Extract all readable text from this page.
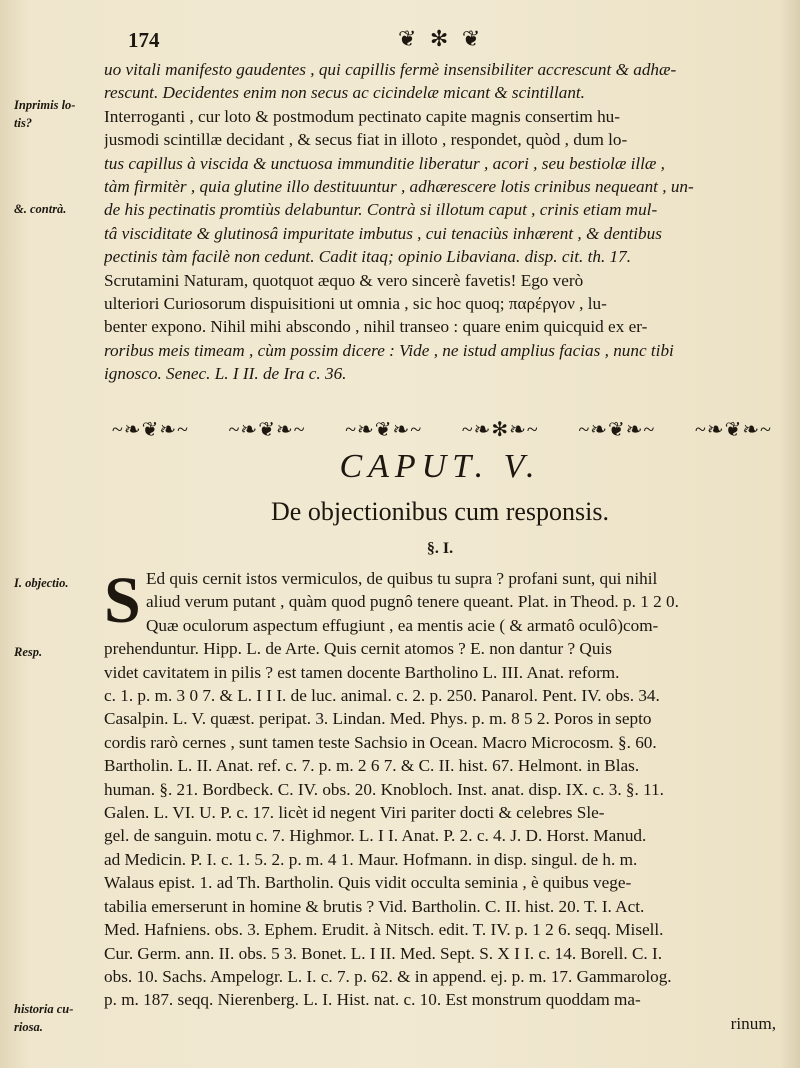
174	❦ ✻ ❦
Inprimis lo- tis?
&. contrà.
I. objectio.
Resp.
historia cu- riosa.
uo vitali manifesto gaudentes , qui capillis fermè insensibiliter accrescunt & adhæ-
rescunt. Decidentes enim non secus ac cicindelæ micant & scintillant.
Interroganti , cur loto & postmodum pectinato capite magnis consertim hu-
jusmodi scintillæ decidant , & secus fiat in illoto , respondet, quòd , dum lo-
tus capillus à viscida & unctuosa immunditie liberatur , acori , seu bestiolæ illæ ,
tàm firmitèr , quia glutine illo destituuntur , adhærescere lotis crinibus nequeant , un-
de his pectinatis promtiùs delabuntur. Contrà si illotum caput , crinis etiam mul-
tâ visciditate & glutinosâ impuritate imbutus , cui tenaciùs inhærent , & dentibus
pectinis tàm facilè non cedunt. Cadit itaq; opinio Libaviana. disp. cit. th. 17.
Scrutamini Naturam, quotquot æquo & vero sincerè favetis! Ego verò
ulteriori Curiosorum dispuisitioni ut omnia , sic hoc quoq; παρέργον , lu-
benter expono. Nihil mihi abscondo , nihil transeo : quare enim quicquid ex er-
roribus meis timeam , cùm possim dicere : Vide , ne istud amplius facias , nunc tibi
ignosco. Senec. L. I II. de Ira c. 36.
~❧❦❧~ ~❧❦❧~ ~❧❦❧~ ~❧✻❧~ ~❧❦❧~ ~❧❦❧~
CAPUT. V.
De objectionibus cum responsis.
§. I.
S Ed quis cernit istos vermiculos, de quibus tu supra ? profani sunt, qui nihil
aliud verum putant , quàm quod pugnô tenere queant. Plat. in Theod. p. 1 2 0.
Quæ oculorum aspectum effugiunt , ea mentis acie ( & armatô oculô)com-
prehenduntur. Hipp. L. de Arte. Quis cernit atomos ? E. non dantur ? Quis
videt cavitatem in pilis ? est tamen docente Bartholino L. III. Anat. reform.
c. 1. p. m. 3 0 7. & L. I I I. de luc. animal. c. 2. p. 250. Panarol. Pent. IV. obs. 34.
Casalpin. L. V. quæst. peripat. 3. Lindan. Med. Phys. p. m. 8 5 2. Poros in septo
cordis rarò cernes , sunt tamen teste Sachsio in Ocean. Macro Microcosm. §. 60.
Bartholin. L. II. Anat. ref. c. 7. p. m. 2 6 7. & C. II. hist. 67. Helmont. in Blas.
human. §. 21. Bordbeck. C. IV. obs. 20. Knobloch. Inst. anat. disp. IX. c. 3. §. 11.
Galen. L. VI. U. P. c. 17. licèt id negent Viri pariter docti & celebres Sle-
gel. de sanguin. motu c. 7. Highmor. L. I I. Anat. P. 2. c. 4. J. D. Horst. Manud.
ad Medicin. P. I. c. 1. 5. 2. p. m. 4 1. Maur. Hofmann. in disp. singul. de h. m.
Walaus epist. 1. ad Th. Bartholin. Quis vidit occulta seminia , è quibus vege-
tabilia emerserunt in homine & brutis ? Vid. Bartholin. C. II. hist. 20. T. I. Act.
Med. Hafniens. obs. 3. Ephem. Erudit. à Nitsch. edit. T. IV. p. 1 2 6. seqq. Misell.
Cur. Germ. ann. II. obs. 5 3. Bonet. L. I II. Med. Sept. S. X I I. c. 14. Borell. C. I.
obs. 10. Sachs. Ampelogr. L. I. c. 7. p. 62. & in append. ej. p. m. 17. Gammarolog.
p. m. 187. seqq. Nierenberg. L. I. Hist. nat. c. 10. Est monstrum quoddam ma-
rinum,
